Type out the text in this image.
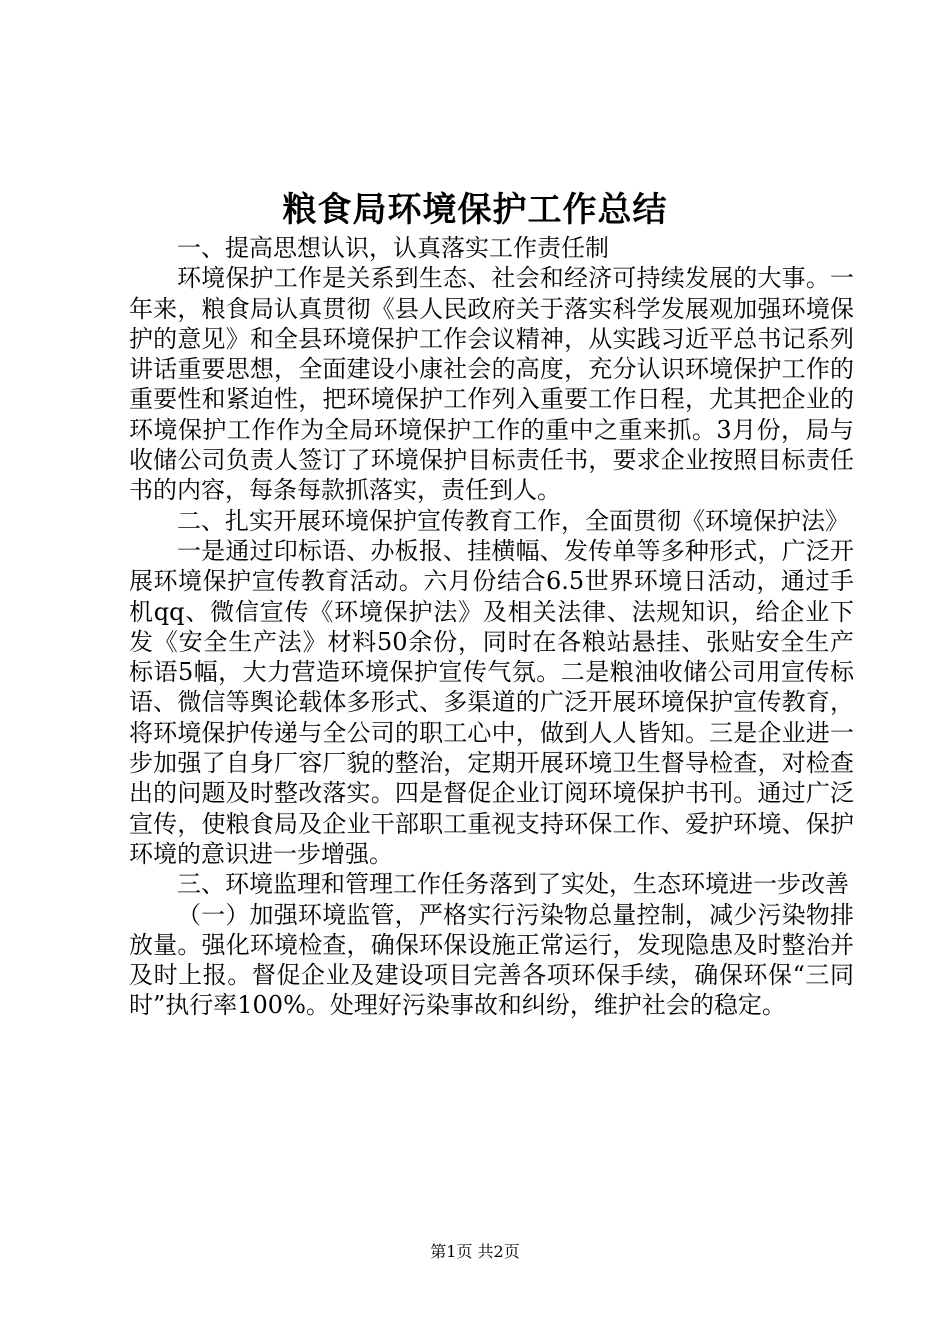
粮食局环境保护工作总结

一、提高思想认识，认真落实工作责任制

环境保护工作是关系到生态、社会和经济可持续发展的大事。一年来，粮食局认真贯彻《县人民政府关于落实科学发展观加强环境保护的意见》和全县环境保护工作会议精神，从实践习近平总书记系列讲话重要思想，全面建设小康社会的高度，充分认识环境保护工作的重要性和紧迫性，把环境保护工作列入重要工作日程，尤其把企业的环境保护工作作为全局环境保护工作的重中之重来抓。3月份，局与收储公司负责人签订了环境保护目标责任书，要求企业按照目标责任书的内容，每条每款抓落实，责任到人。

二、扎实开展环境保护宣传教育工作，全面贯彻《环境保护法》

一是通过印标语、办板报、挂横幅、发传单等多种形式，广泛开展环境保护宣传教育活动。六月份结合6.5世界环境日活动，通过手机qq、微信宣传《环境保护法》及相关法律、法规知识，给企业下发《安全生产法》材料50余份，同时在各粮站悬挂、张贴安全生产标语5幅，大力营造环境保护宣传气氛。二是粮油收储公司用宣传标语、微信等舆论载体多形式、多渠道的广泛开展环境保护宣传教育，将环境保护传递与全公司的职工心中，做到人人皆知。三是企业进一步加强了自身厂容厂貌的整治，定期开展环境卫生督导检查，对检查出的问题及时整改落实。四是督促企业订阅环境保护书刊。通过广泛宣传，使粮食局及企业干部职工重视支持环保工作、爱护环境、保护环境的意识进一步增强。

三、环境监理和管理工作任务落到了实处，生态环境进一步改善

（一）加强环境监管，严格实行污染物总量控制，减少污染物排放量。强化环境检查，确保环保设施正常运行，发现隐患及时整治并及时上报。督促企业及建设项目完善各项环保手续，确保环保“三同时”执行率100%。处理好污染事故和纠纷，维护社会的稳定。

第1页 共2页
